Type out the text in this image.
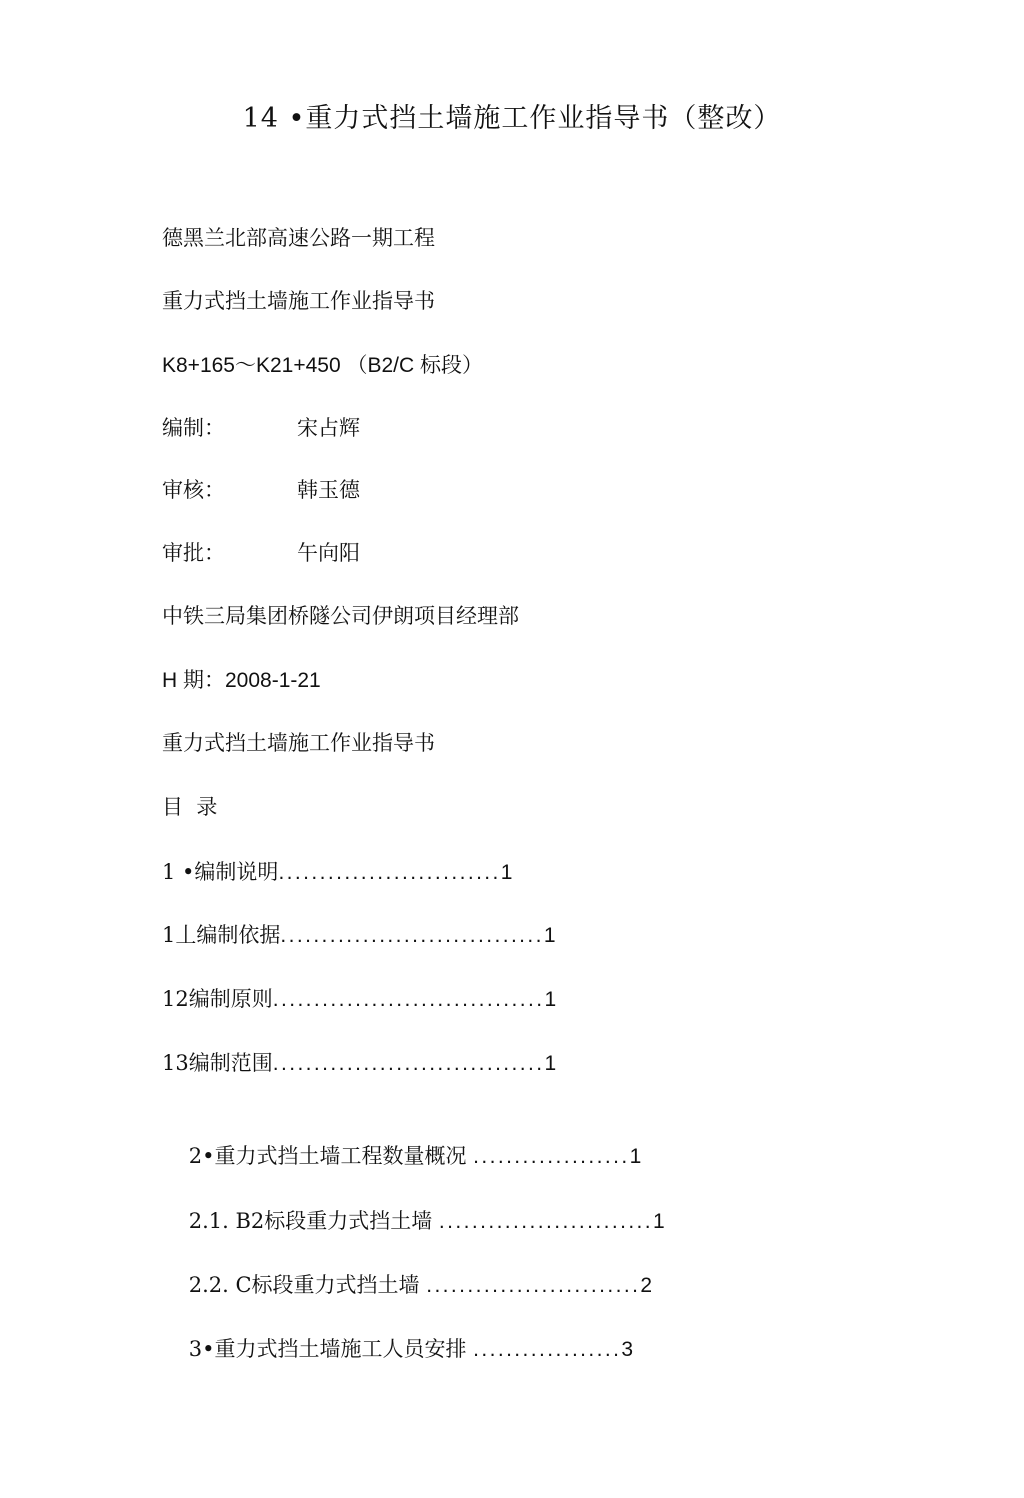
14 •重力式挡土墙施工作业指导书（整改）
德黑兰北部高速公路一期工程
重力式挡土墙施工作业指导书
K8+165〜K21+450 （B2/C 标段）
编制：	宋占辉
审核：	韩玉德
审批：	午向阳
中铁三局集团桥隧公司伊朗项目经理部
H 期：2008-1-21
重力式挡土墙施工作业指导书
目  录
1 •编制说明...........................1
1丄编制依据................................1
12编制原则.................................1
13编制范围.................................1

2•重力式挡土墙工程数量概况 ...................1

2.1. B2标段重力式挡土墙 ..........................1

2.2. C标段重力式挡土墙 ..........................2

3•重力式挡土墙施工人员安排 ..................3
